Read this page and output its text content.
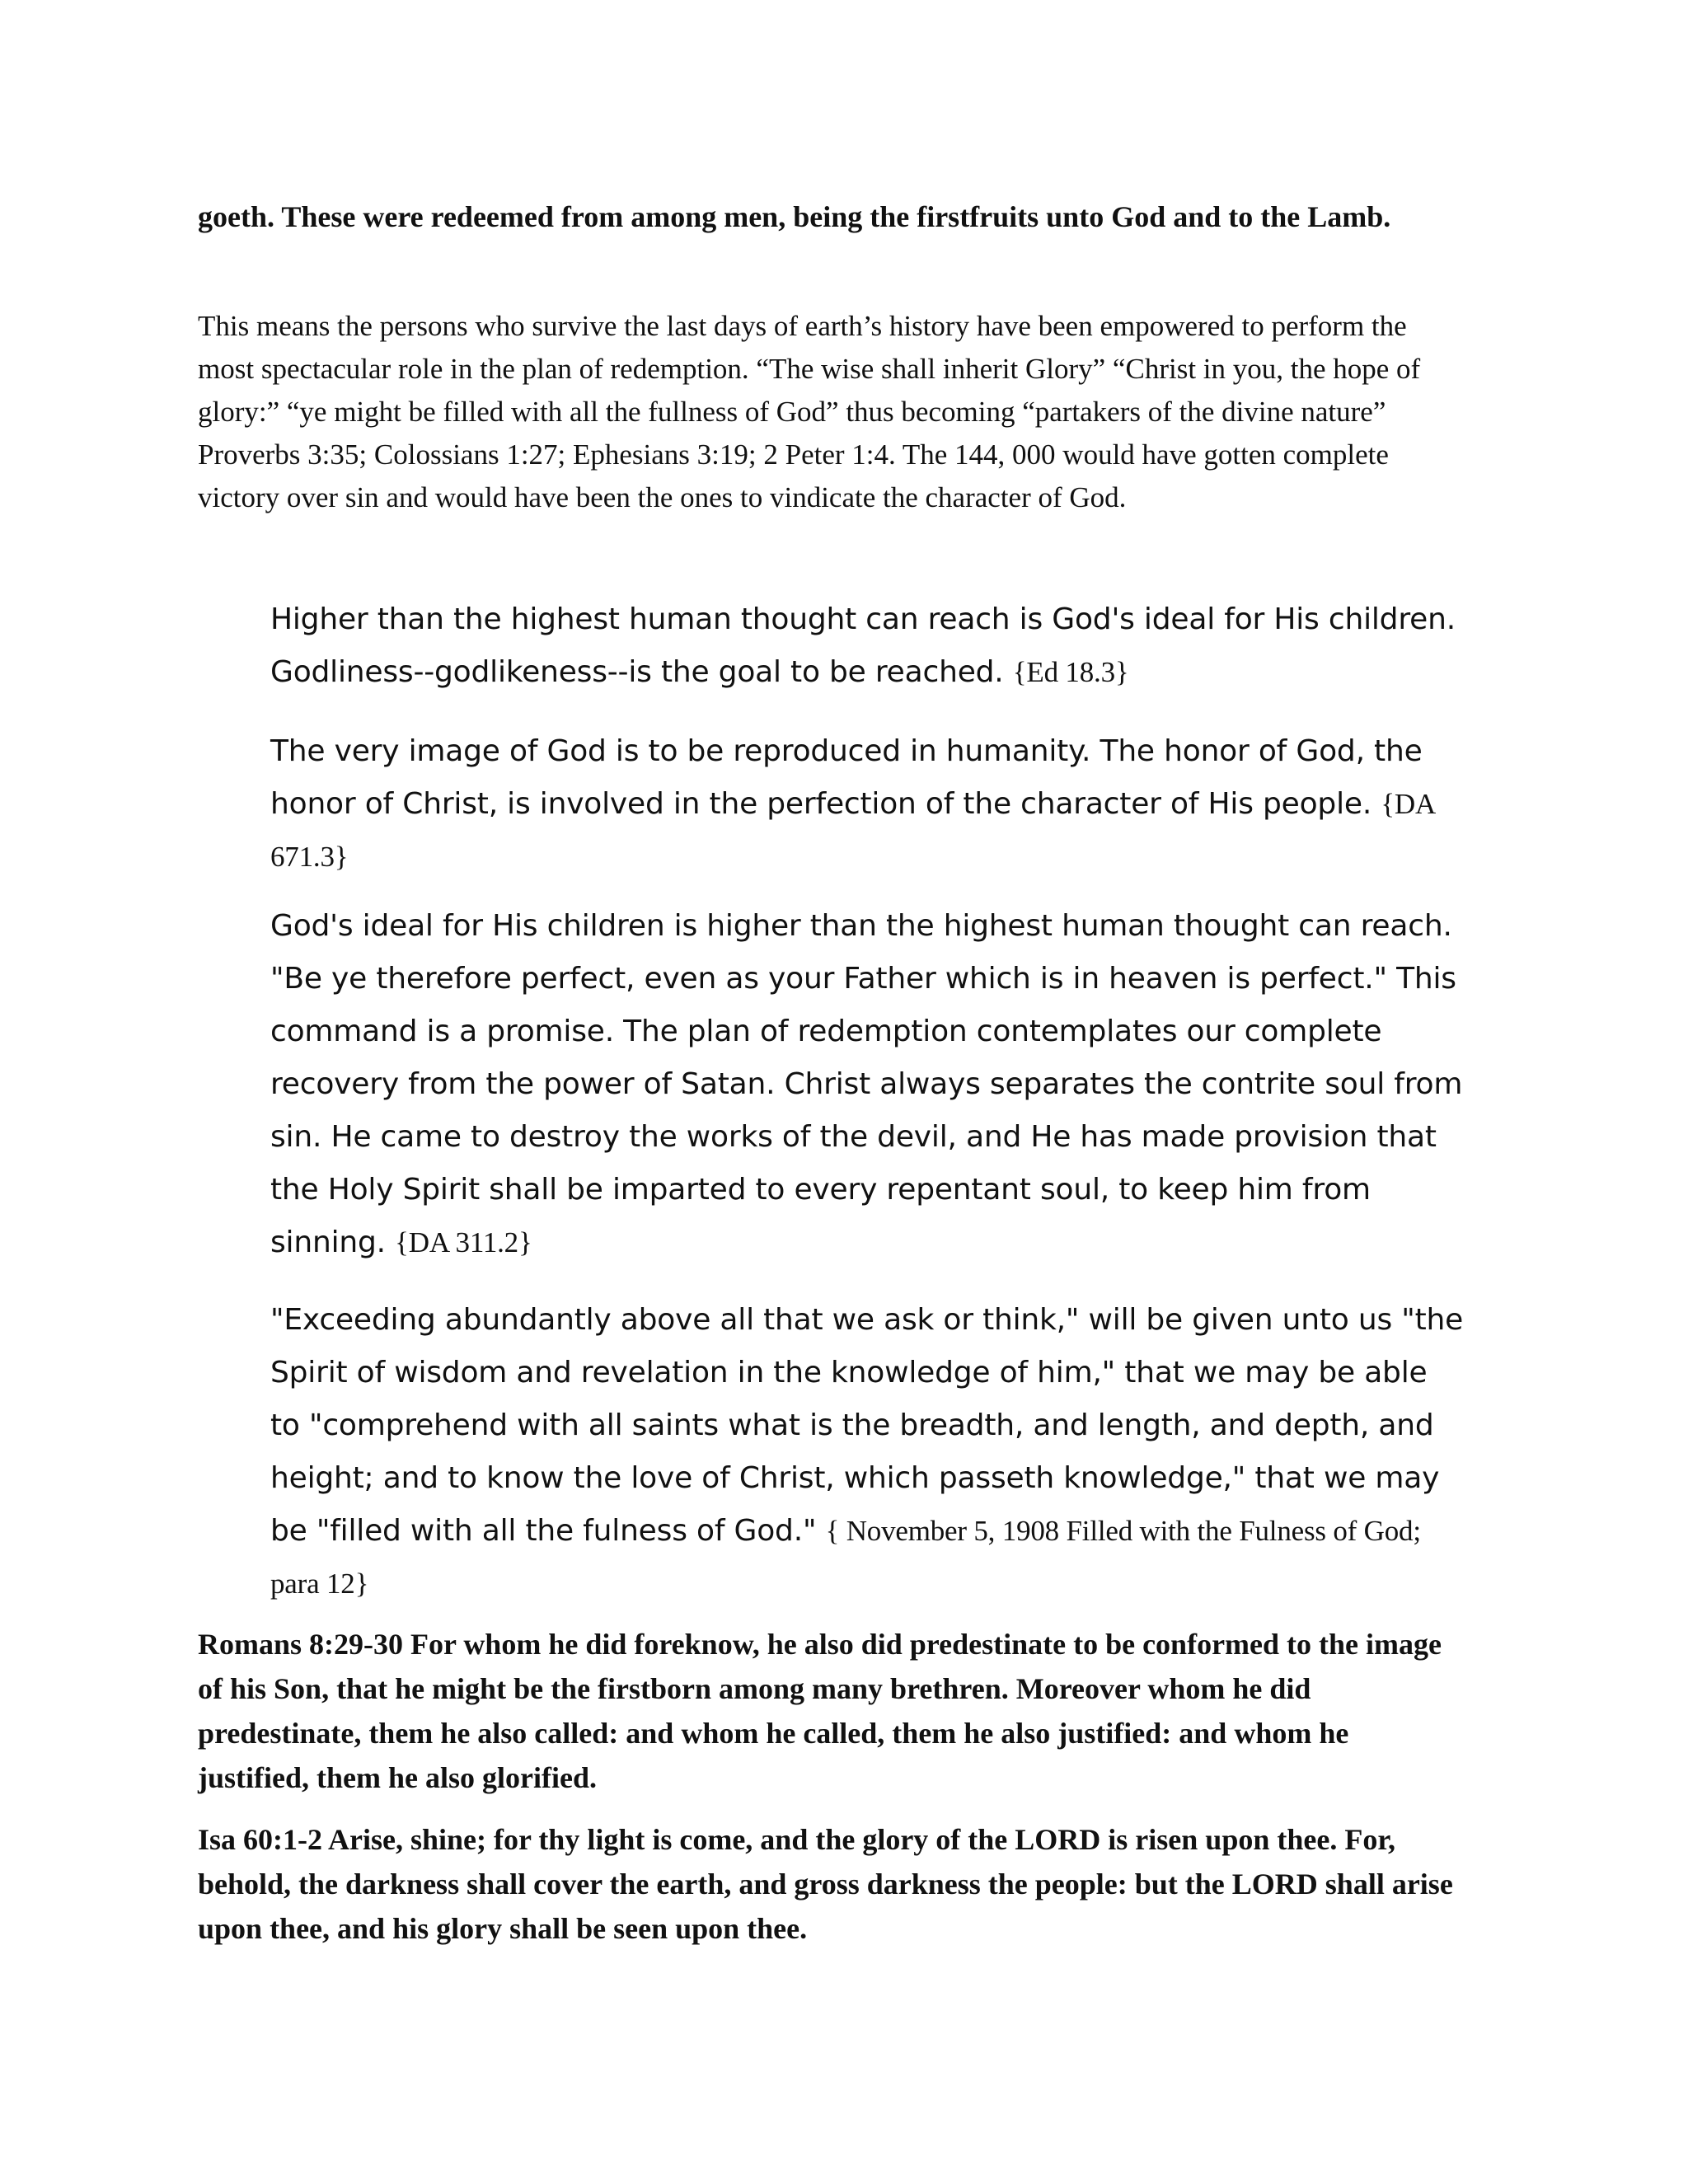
goeth. These were redeemed from among men, being the firstfruits unto God and to the Lamb.

This means the persons who survive the last days of earth’s history have been empowered to perform the most spectacular role in the plan of redemption. “The wise shall inherit Glory” “Christ in you, the hope of glory:” “ye might be filled with all the fullness of God” thus becoming “partakers of the divine nature” Proverbs 3:35; Colossians 1:27; Ephesians 3:19; 2 Peter 1:4. The 144, 000 would have gotten complete victory over sin and would have been the ones to vindicate the character of God.

Higher than the highest human thought can reach is God's ideal for His children. Godliness--godlikeness--is the goal to be reached. {Ed 18.3}

The very image of God is to be reproduced in humanity. The honor of God, the honor of Christ, is involved in the perfection of the character of His people. {DA 671.3}

God's ideal for His children is higher than the highest human thought can reach. "Be ye therefore perfect, even as your Father which is in heaven is perfect." This command is a promise. The plan of redemption contemplates our complete recovery from the power of Satan. Christ always separates the contrite soul from sin. He came to destroy the works of the devil, and He has made provision that the Holy Spirit shall be imparted to every repentant soul, to keep him from sinning. {DA 311.2}

"Exceeding abundantly above all that we ask or think," will be given unto us "the Spirit of wisdom and revelation in the knowledge of him," that we may be able to "comprehend with all saints what is the breadth, and length, and depth, and height; and to know the love of Christ, which passeth knowledge," that we may be "filled with all the fulness of God." { November 5, 1908 Filled with the Fulness of God; para 12}

Romans 8:29-30 For whom he did foreknow, he also did predestinate to be conformed to the image of his Son, that he might be the firstborn among many brethren. Moreover whom he did predestinate, them he also called: and whom he called, them he also justified: and whom he justified, them he also glorified.

Isa 60:1-2 Arise, shine; for thy light is come, and the glory of the LORD is risen upon thee. For, behold, the darkness shall cover the earth, and gross darkness the people: but the LORD shall arise upon thee, and his glory shall be seen upon thee.
